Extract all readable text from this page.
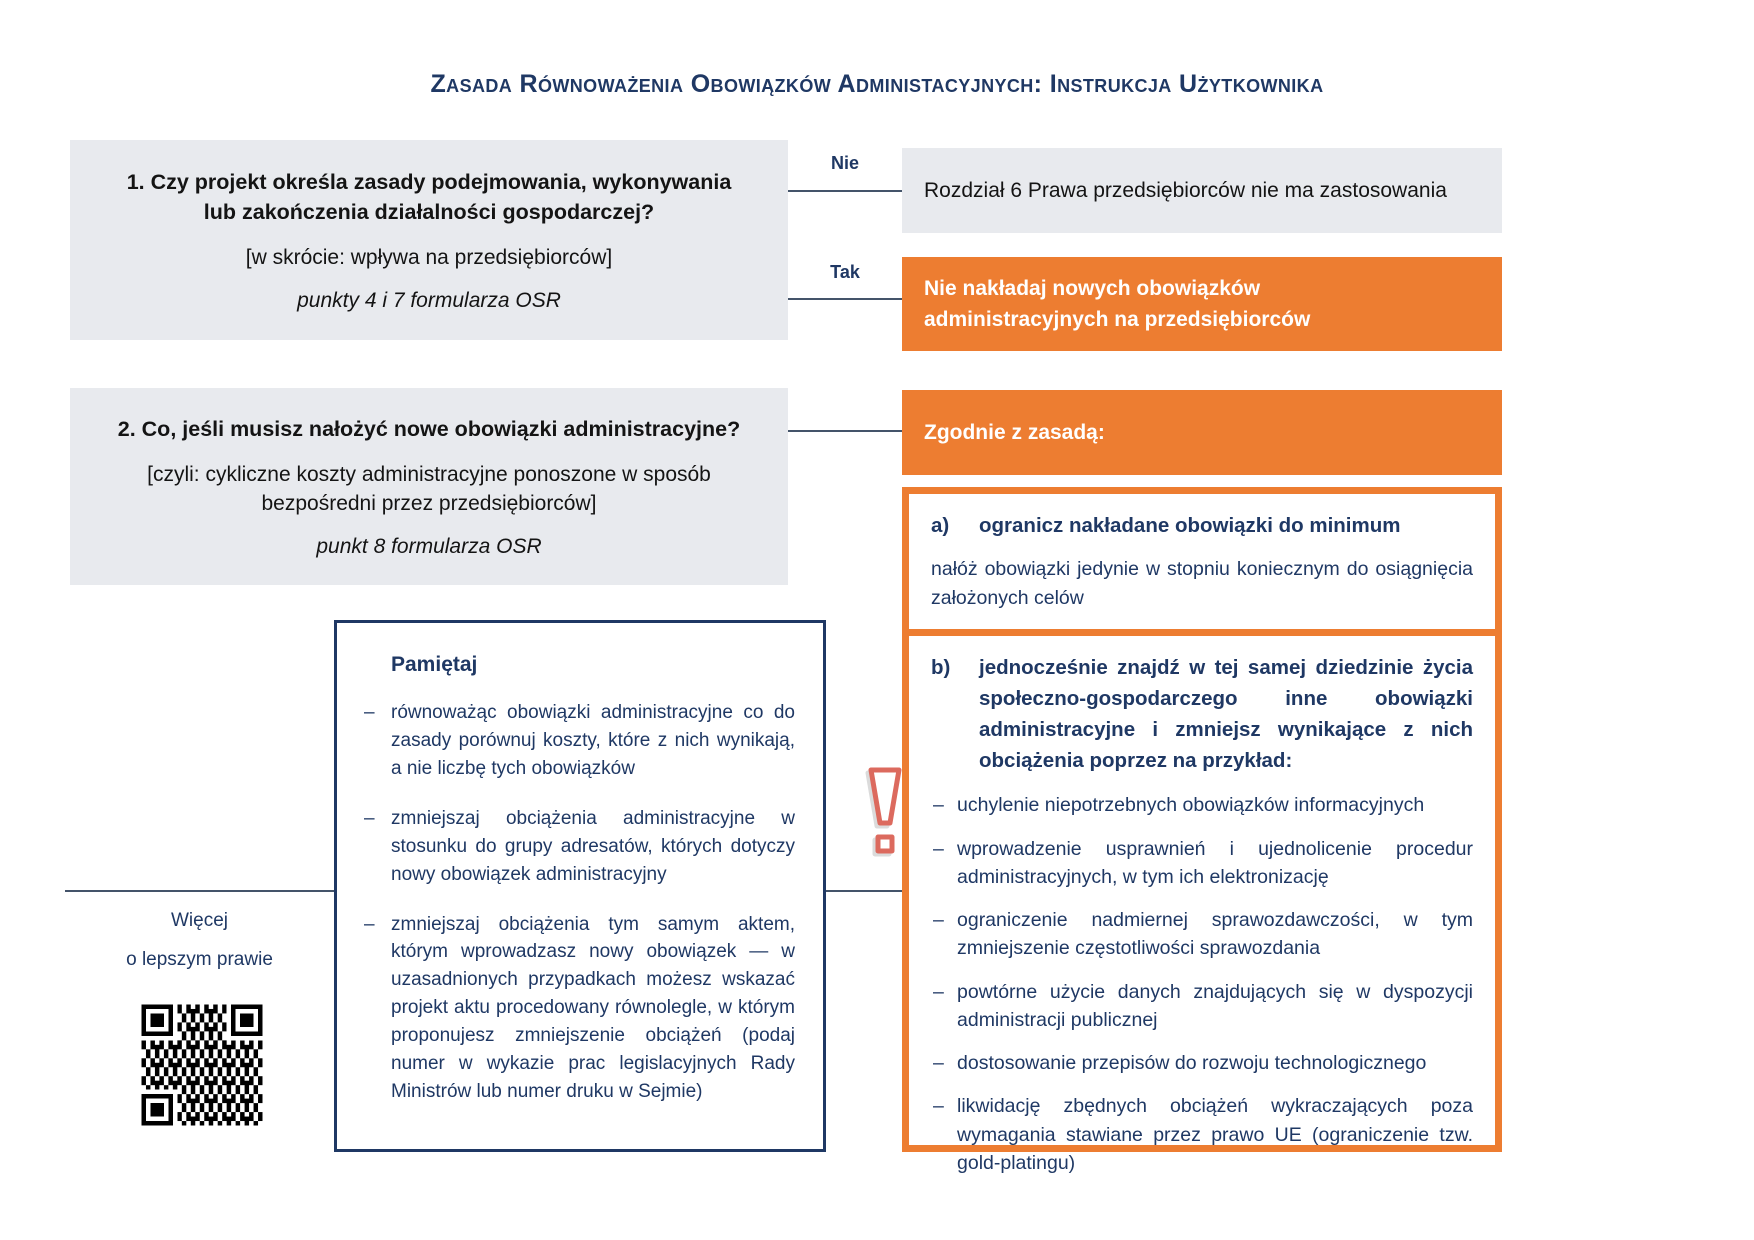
Zasada Równoważenia Obowiązków Administacyjnych: Instrukcja Użytkownika
1. Czy projekt określa zasady podejmowania, wykonywania lub zakończenia działalności gospodarczej?
[w skrócie: wpływa na przedsiębiorców]
punkty 4 i 7 formularza OSR
Nie
Rozdział 6 Prawa przedsiębiorców nie ma zastosowania
Tak
Nie nakładaj nowych obowiązków administracyjnych na przedsiębiorców
2. Co, jeśli musisz nałożyć nowe obowiązki administracyjne?
[czyli: cykliczne koszty administracyjne ponoszone w sposób bezpośredni przez przedsiębiorców]
punkt 8 formularza OSR
Zgodnie z zasadą:
a)	ogranicz nakładane obowiązki do minimum
nałóż obowiązki jedynie w stopniu koniecznym do osiągnięcia założonych celów
b)	jednocześnie znajdź w tej samej dziedzinie życia społeczno-gospodarczego inne obowiązki administracyjne i zmniejsz wynikające z nich obciążenia poprzez na przykład:
– uchylenie niepotrzebnych obowiązków informacyjnych
– wprowadzenie usprawnień i ujednolicenie procedur administracyjnych, w tym ich elektronizację
– ograniczenie nadmiernej sprawozdawczości, w tym zmniejszenie częstotliwości sprawozdania
– powtórne użycie danych znajdujących się w dyspozycji administracji publicznej
– dostosowanie przepisów do rozwoju technologicznego
– likwidację zbędnych obciążeń wykraczających poza wymagania stawiane przez prawo UE (ograniczenie tzw. gold-platingu)
Pamiętaj
– równoważąc obowiązki administracyjne co do zasady porównuj koszty, które z nich wynikają, a nie liczbę tych obowiązków
– zmniejszaj obciążenia administracyjne w stosunku do grupy adresatów, których dotyczy nowy obowiązek administracyjny
– zmniejszaj obciążenia tym samym aktem, którym wprowadzasz nowy obowiązek — w uzasadnionych przypadkach możesz wskazać projekt aktu procedowany równolegle, w którym proponujesz zmniejszenie obciążeń (podaj numer w wykazie prac legislacyjnych Rady Ministrów lub numer druku w Sejmie)
Więcej
o lepszym prawie
